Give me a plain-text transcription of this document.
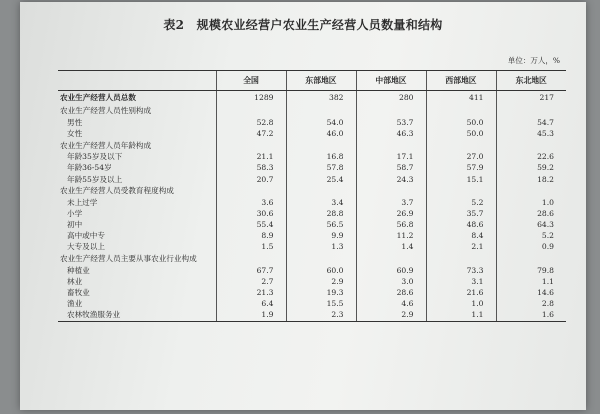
表2　规模农业经营户农业生产经营人员数量和结构
单位：万人，%
	全国	东部地区	中部地区	西部地区	东北地区
农业生产经营人员总数	1289	382	280	411	217
农业生产经营人员性别构成					
男性	52.8	54.0	53.7	50.0	54.7
女性	47.2	46.0	46.3	50.0	45.3
农业生产经营人员年龄构成					
年龄35岁及以下	21.1	16.8	17.1	27.0	22.6
年龄36-54岁	58.3	57.8	58.7	57.9	59.2
年龄55岁及以上	20.7	25.4	24.3	15.1	18.2
农业生产经营人员受教育程度构成					
未上过学	3.6	3.4	3.7	5.2	1.0
小学	30.6	28.8	26.9	35.7	28.6
初中	55.4	56.5	56.8	48.6	64.3
高中或中专	8.9	9.9	11.2	8.4	5.2
大专及以上	1.5	1.3	1.4	2.1	0.9
农业生产经营人员主要从事农业行业构成					
种植业	67.7	60.0	60.9	73.3	79.8
林业	2.7	2.9	3.0	3.1	1.1
畜牧业	21.3	19.3	28.6	21.6	14.6
渔业	6.4	15.5	4.6	1.0	2.8
农林牧渔服务业	1.9	2.3	2.9	1.1	1.6
